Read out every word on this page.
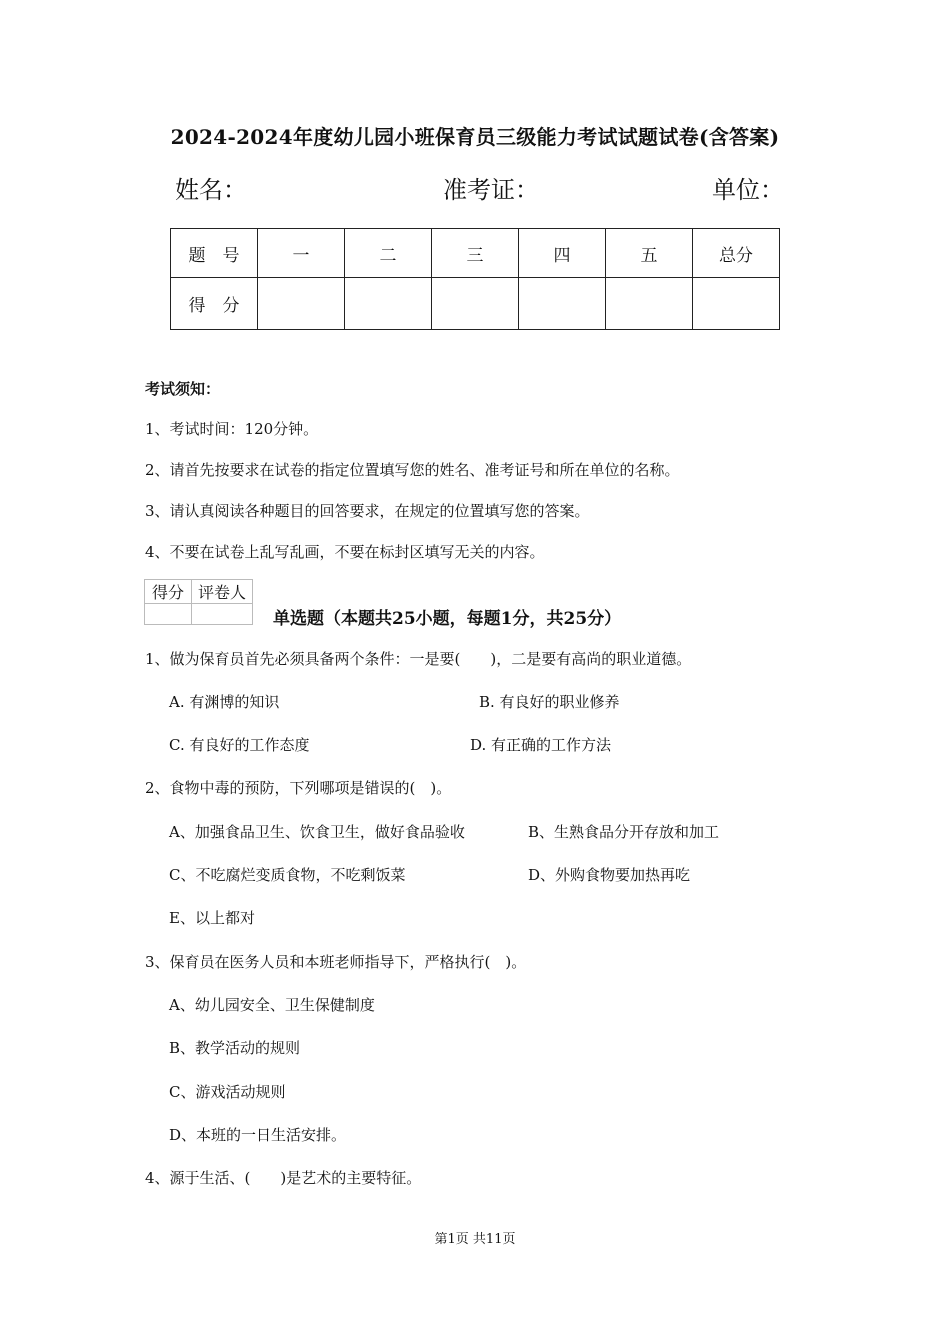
2024-2024年度幼儿园小班保育员三级能力考试试题试卷(含答案)
姓名：	准考证：	单位：
题　号	一	二	三	四	五	总分
得　分						
考试须知：
1、考试时间：120分钟。
2、请首先按要求在试卷的指定位置填写您的姓名、准考证号和所在单位的名称。
3、请认真阅读各种题目的回答要求，在规定的位置填写您的答案。
4、不要在试卷上乱写乱画，不要在标封区填写无关的内容。
得分	评卷人

单选题（本题共25小题，每题1分，共25分）
1、做为保育员首先必须具备两个条件：一是要(　　)，二是要有高尚的职业道德。
A. 有渊博的知识	B. 有良好的职业修养
C. 有良好的工作态度	D. 有正确的工作方法
2、食物中毒的预防，下列哪项是错误的(　)。
A、加强食品卫生、饮食卫生，做好食品验收	B、生熟食品分开存放和加工
C、不吃腐烂变质食物，不吃剩饭菜	D、外购食物要加热再吃
E、以上都对
3、保育员在医务人员和本班老师指导下，严格执行(　)。
A、幼儿园安全、卫生保健制度
B、教学活动的规则
C、游戏活动规则
D、本班的一日生活安排。
4、源于生活、(　　)是艺术的主要特征。
第1页 共11页
